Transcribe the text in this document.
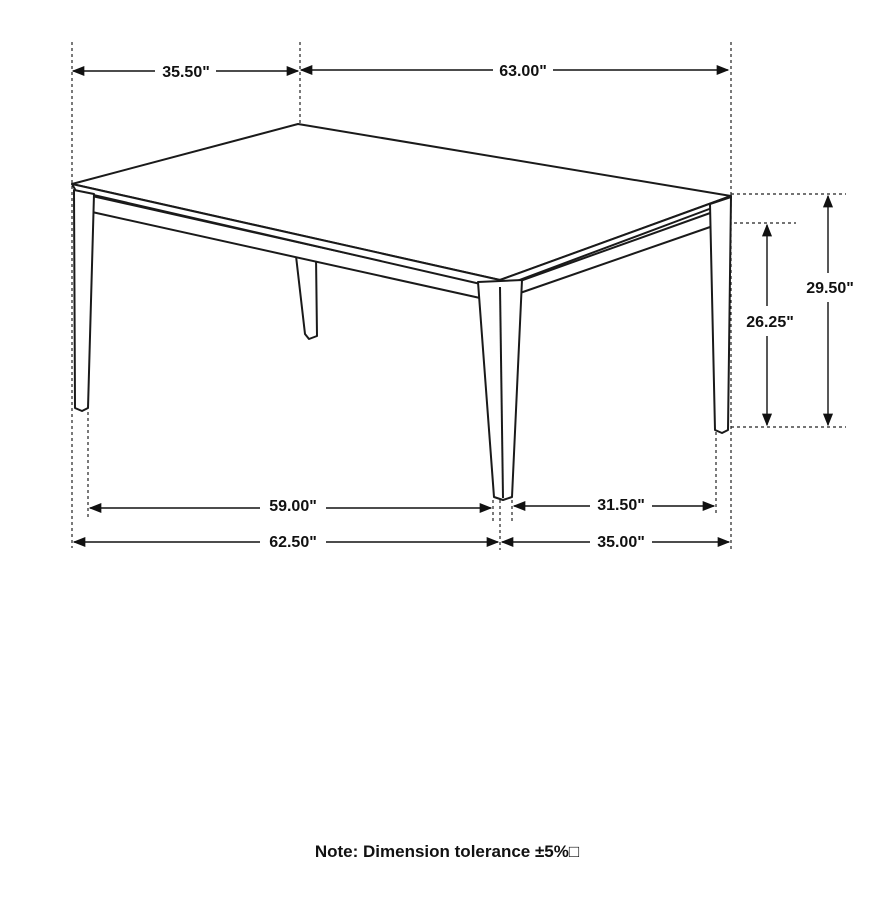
35.50"	63.00"
29.50"
26.25"
59.00"
62.50"
31.50"
35.00"
Note: Dimension tolerance ±5%□
